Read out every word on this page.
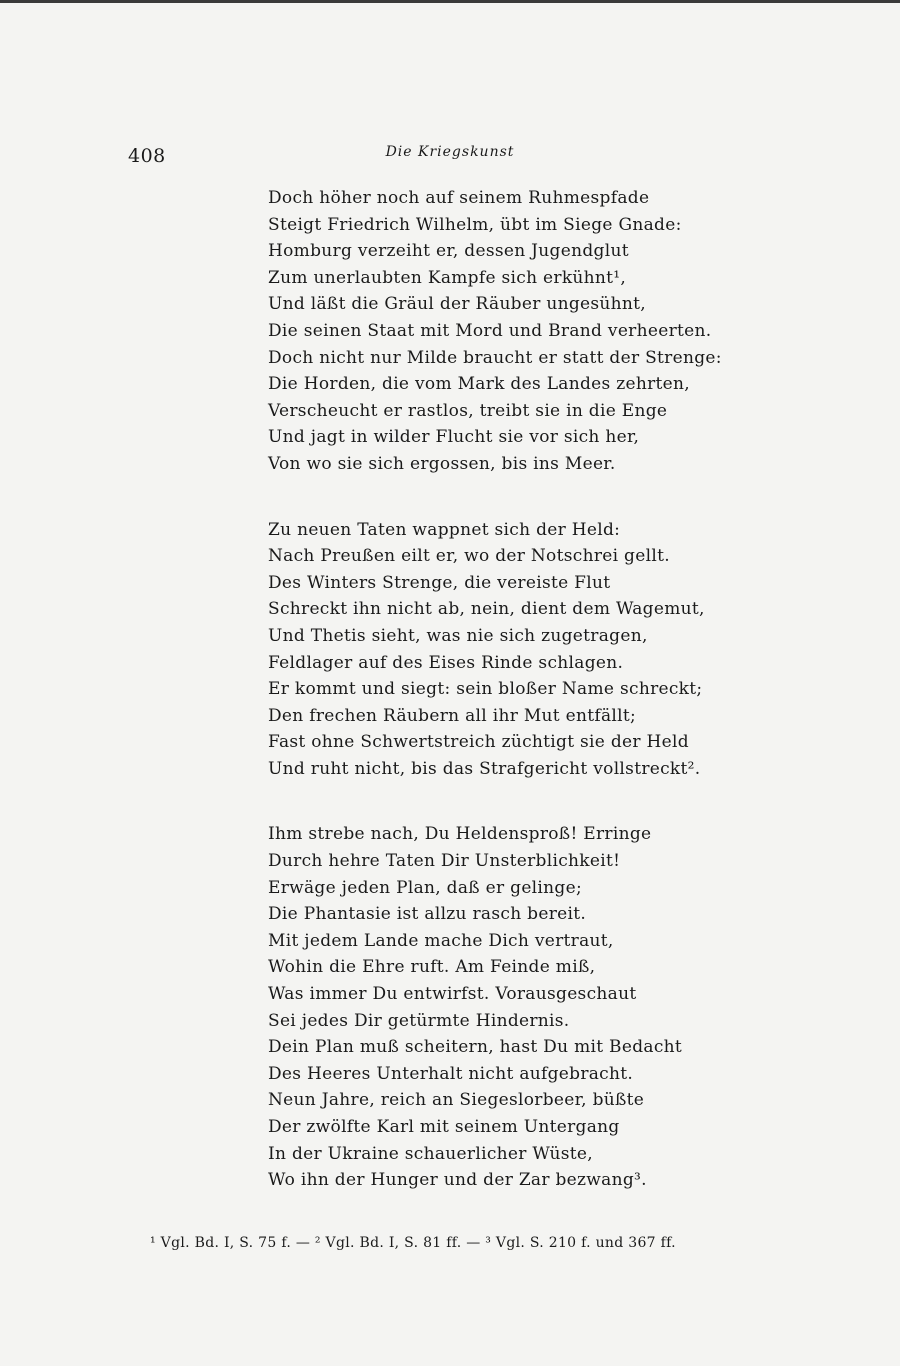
408	Die Kriegskunst
Doch höher noch auf seinem Ruhmespfade
Steigt Friedrich Wilhelm, übt im Siege Gnade:
Homburg verzeiht er, dessen Jugendglut
Zum unerlaubten Kampfe sich erkühnt¹,
Und läßt die Gräul der Räuber ungesühnt,
Die seinen Staat mit Mord und Brand verheerten.
Doch nicht nur Milde braucht er statt der Strenge:
Die Horden, die vom Mark des Landes zehrten,
Verscheucht er rastlos, treibt sie in die Enge
Und jagt in wilder Flucht sie vor sich her,
Von wo sie sich ergossen, bis ins Meer.
Zu neuen Taten wappnet sich der Held:
Nach Preußen eilt er, wo der Notschrei gellt.
Des Winters Strenge, die vereiste Flut
Schreckt ihn nicht ab, nein, dient dem Wagemut,
Und Thetis sieht, was nie sich zugetragen,
Feldlager auf des Eises Rinde schlagen.
Er kommt und siegt: sein bloßer Name schreckt;
Den frechen Räubern all ihr Mut entfällt;
Fast ohne Schwertstreich züchtigt sie der Held
Und ruht nicht, bis das Strafgericht vollstreckt².
Ihm strebe nach, Du Heldensproß! Erringe
Durch hehre Taten Dir Unsterblichkeit!
Erwäge jeden Plan, daß er gelinge;
Die Phantasie ist allzu rasch bereit.
Mit jedem Lande mache Dich vertraut,
Wohin die Ehre ruft. Am Feinde miß,
Was immer Du entwirfst. Vorausgeschaut
Sei jedes Dir getürmte Hindernis.
Dein Plan muß scheitern, hast Du mit Bedacht
Des Heeres Unterhalt nicht aufgebracht.
Neun Jahre, reich an Siegeslorbeer, büßte
Der zwölfte Karl mit seinem Untergang
In der Ukraine schauerlicher Wüste,
Wo ihn der Hunger und der Zar bezwang³.
¹ Vgl. Bd. I, S. 75 f. — ² Vgl. Bd. I, S. 81 ff. — ³ Vgl. S. 210 f. und 367 ff.
